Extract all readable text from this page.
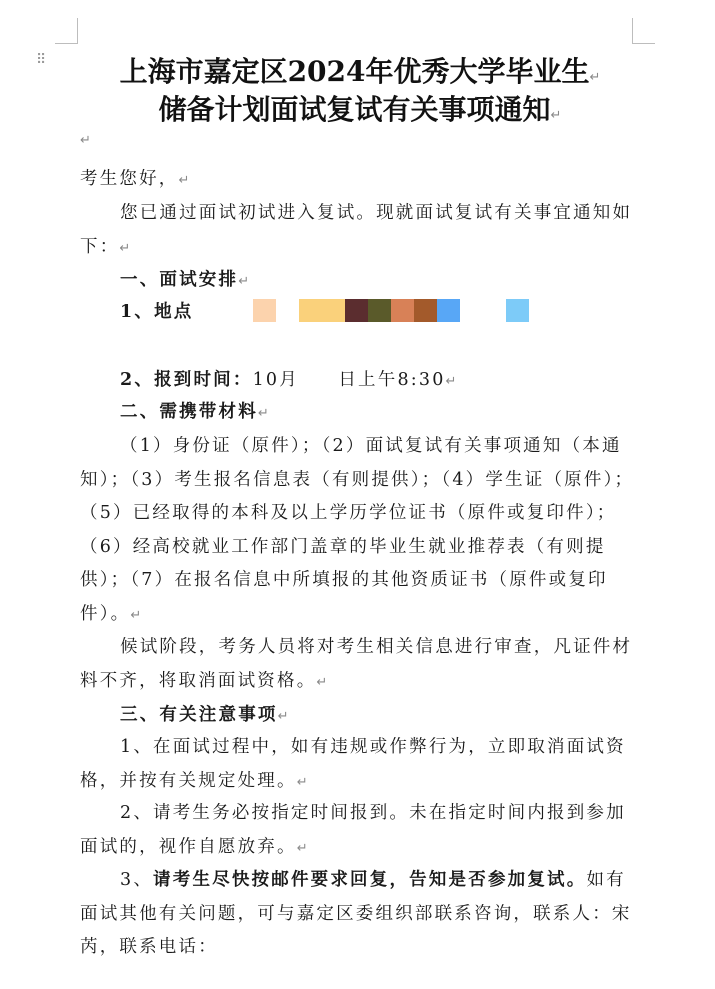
⠿	上海市嘉定区2024年优秀大学毕业生↵
储备计划面试复试有关事项通知↵
↵
考生您好，↵
您已通过面试初试进入复试。现就面试复试有关事宜通知如下：↵
一、面试安排↵
1、地点
2、报到时间：10月　　日上午8:30↵
二、需携带材料↵
（1）身份证（原件）；（2）面试复试有关事项通知（本通知）；（3）考生报名信息表（有则提供）；（4）学生证（原件）；（5）已经取得的本科及以上学历学位证书（原件或复印件）；（6）经高校就业工作部门盖章的毕业生就业推荐表（有则提供）；（7）在报名信息中所填报的其他资质证书（原件或复印件）。↵
候试阶段，考务人员将对考生相关信息进行审查，凡证件材料不齐，将取消面试资格。↵
三、有关注意事项↵
1、在面试过程中，如有违规或作弊行为，立即取消面试资格，并按有关规定处理。↵
2、请考生务必按指定时间报到。未在指定时间内报到参加面试的，视作自愿放弃。↵
3、请考生尽快按邮件要求回复，告知是否参加复试。如有面试其他有关问题，可与嘉定区委组织部联系咨询，联系人：宋芮，联系电话：
